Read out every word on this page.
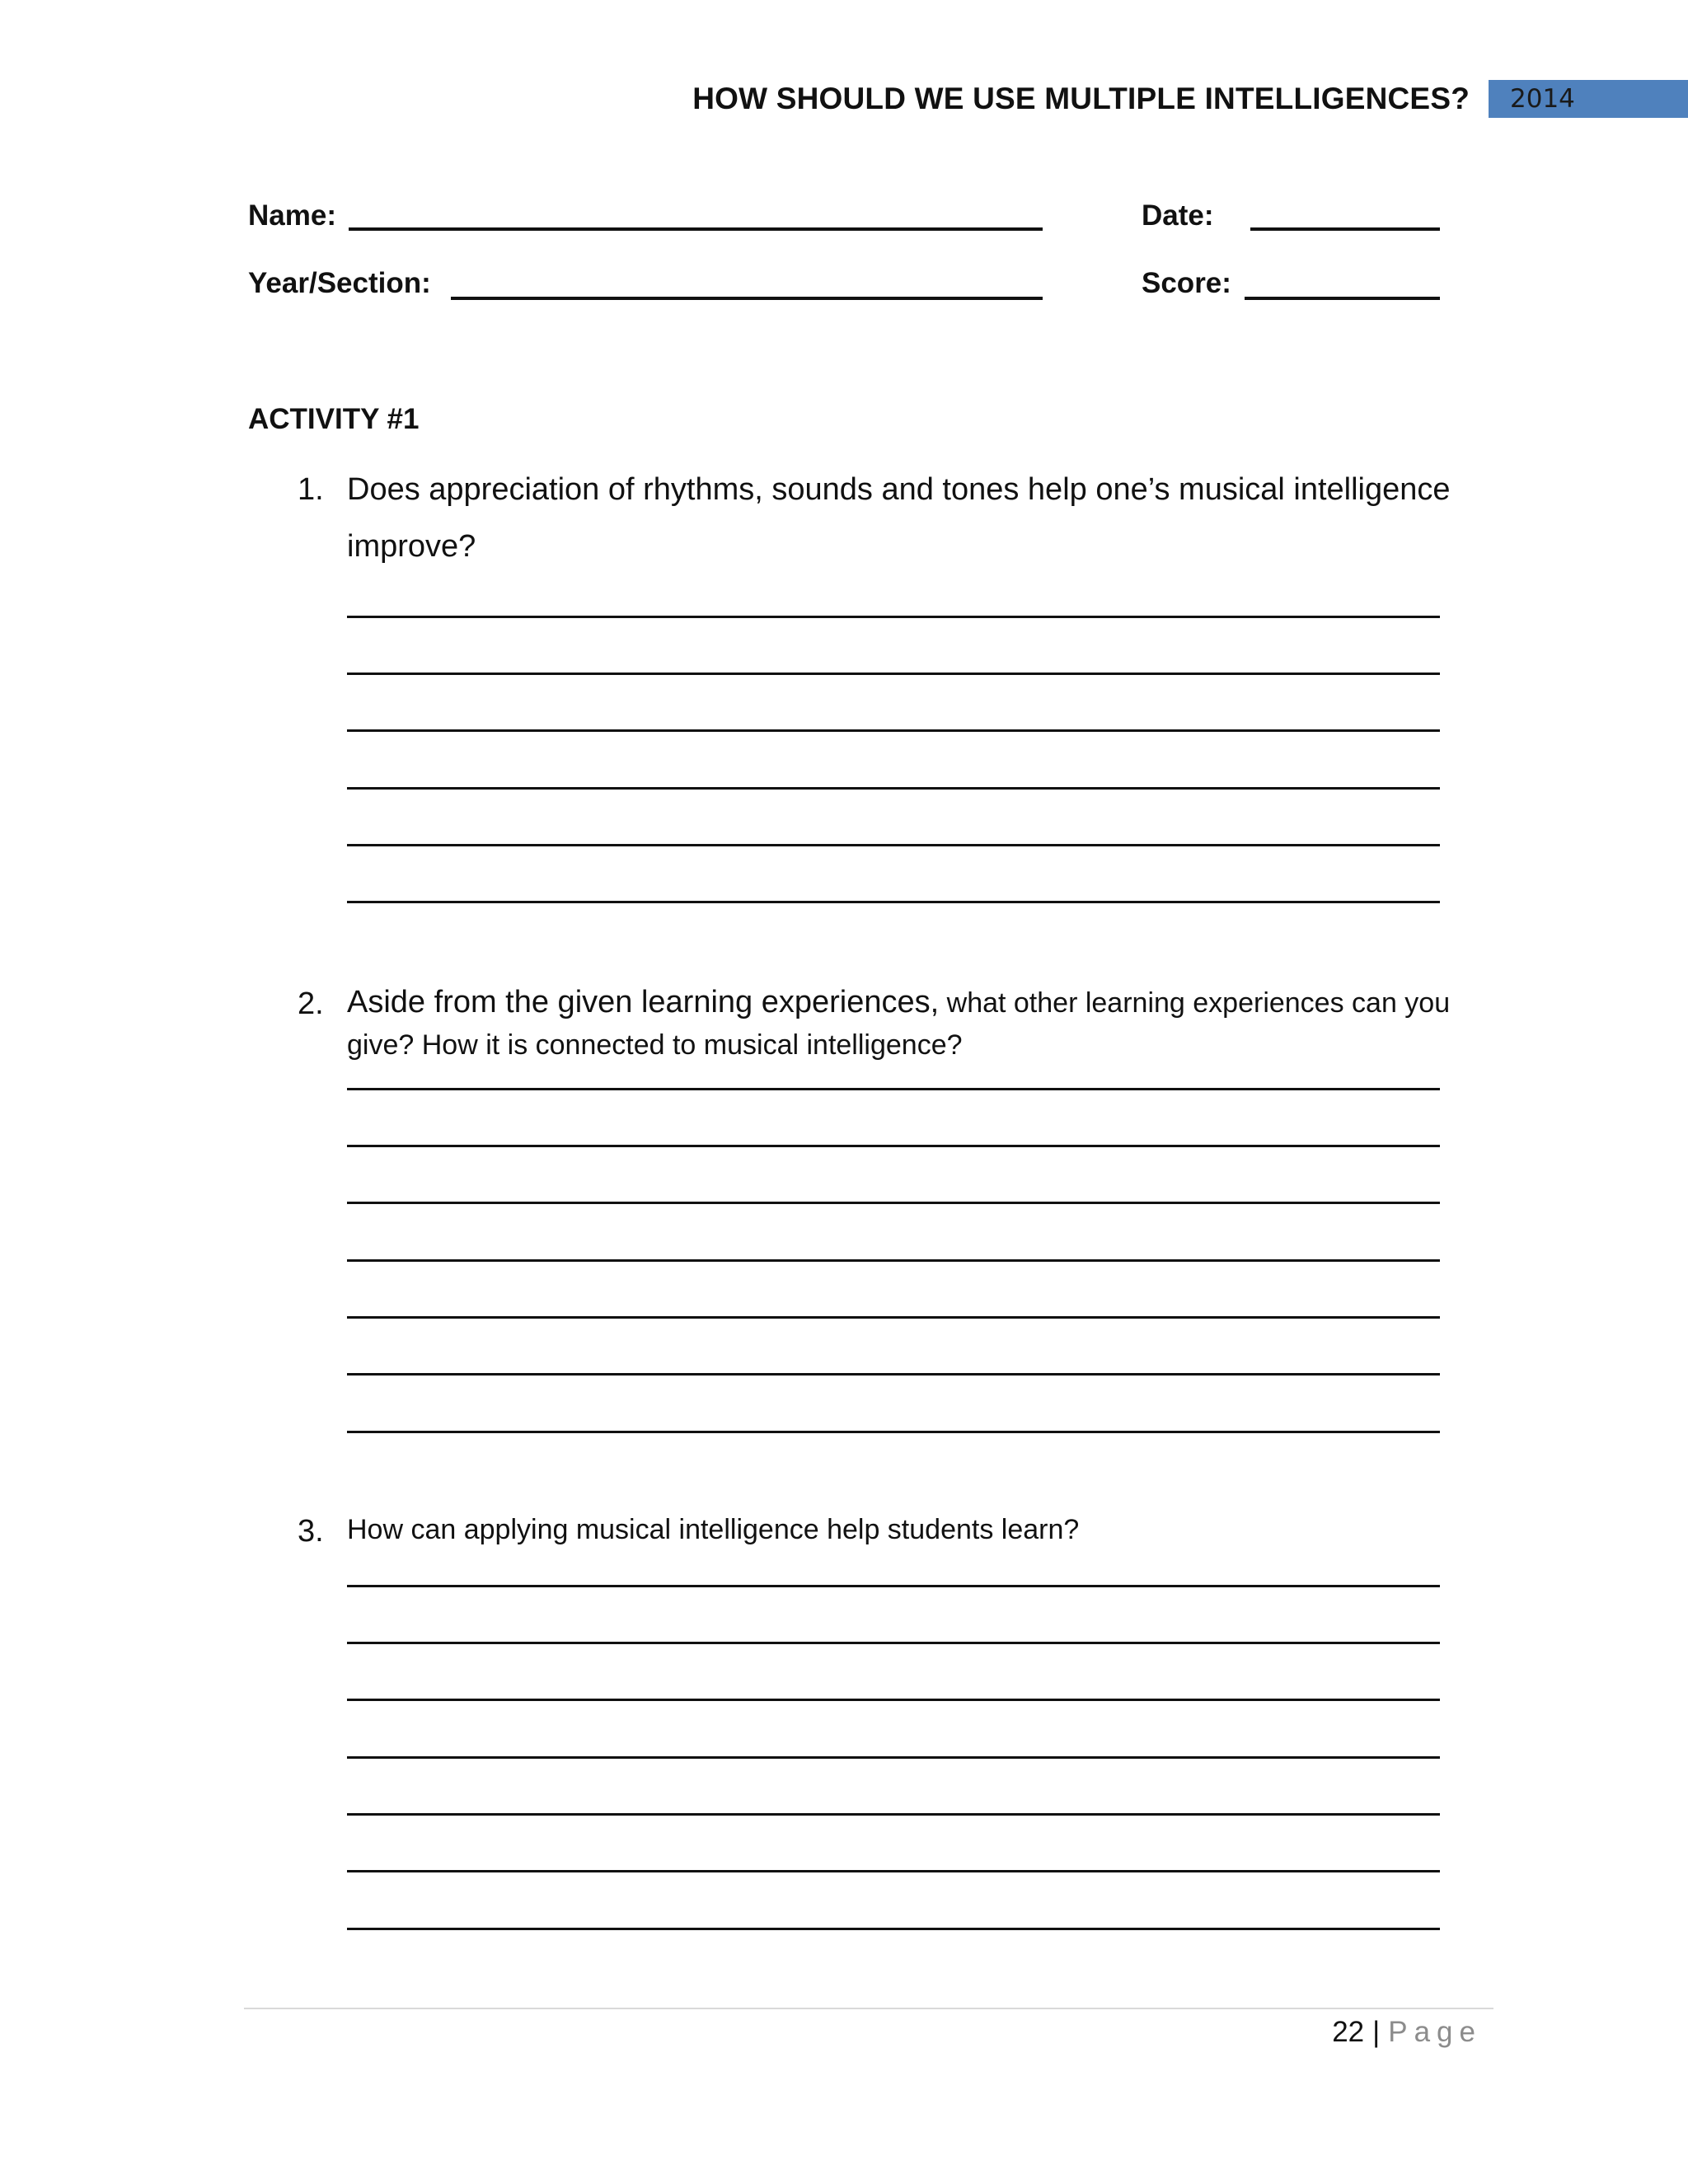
HOW SHOULD WE USE MULTIPLE INTELLIGENCES?	2014
Name:	Date:
Year/Section:	Score:
ACTIVITY #1
1. Does appreciation of rhythms, sounds and tones help one’s musical intelligence improve?
2. Aside from the given learning experiences, what other learning experiences can you give? How it is connected to musical intelligence?
3. How can applying musical intelligence help students learn?
22 | Page
